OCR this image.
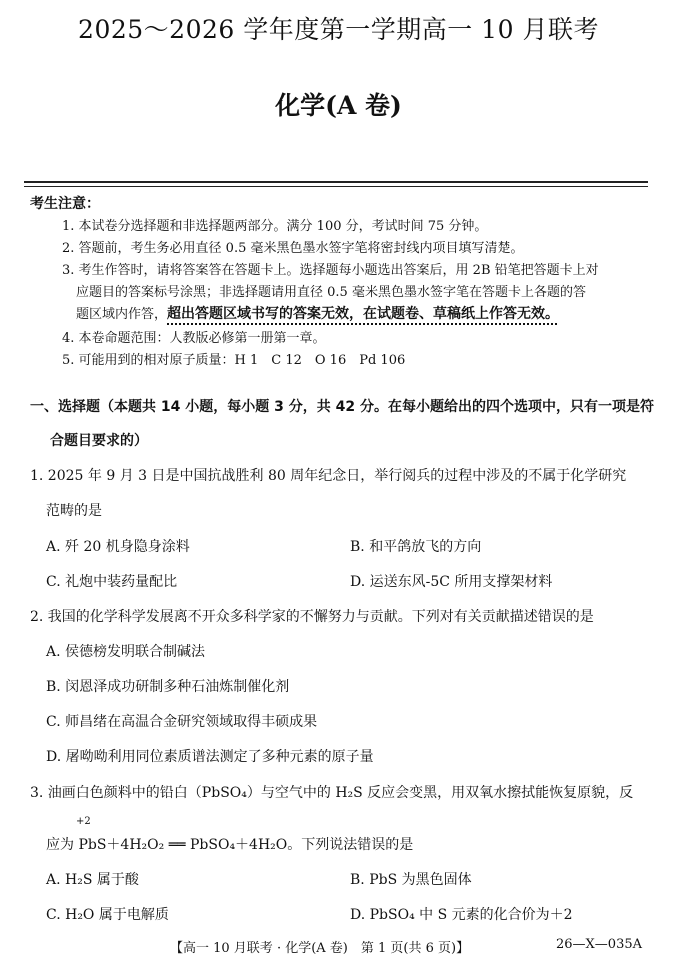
2025～2026 学年度第一学期高一 10 月联考
化学(A 卷)
考生注意：
1. 本试卷分选择题和非选择题两部分。满分 100 分，考试时间 75 分钟。
2. 答题前，考生务必用直径 0.5 毫米黑色墨水签字笔将密封线内项目填写清楚。
3. 考生作答时，请将答案答在答题卡上。选择题每小题选出答案后，用 2B 铅笔把答题卡上对
应题目的答案标号涂黑；非选择题请用直径 0.5 毫米黑色墨水签字笔在答题卡上各题的答
题区域内作答，超出答题区域书写的答案无效，在试题卷、草稿纸上作答无效。
4. 本卷命题范围：人教版必修第一册第一章。
5. 可能用到的相对原子质量：H 1　C 12　O 16　Pd 106
一、选择题（本题共 14 小题，每小题 3 分，共 42 分。在每小题给出的四个选项中，只有一项是符
合题目要求的）
1. 2025 年 9 月 3 日是中国抗战胜利 80 周年纪念日，举行阅兵的过程中涉及的不属于化学研究
范畴的是
A. 歼 20 机身隐身涂料	B. 和平鸽放飞的方向
C. 礼炮中装药量配比	D. 运送东风-5C 所用支撑架材料
2. 我国的化学科学发展离不开众多科学家的不懈努力与贡献。下列对有关贡献描述错误的是
A. 侯德榜发明联合制碱法
B. 闵恩泽成功研制多种石油炼制催化剂
C. 师昌绪在高温合金研究领域取得丰硕成果
D. 屠呦呦利用同位素质谱法测定了多种元素的原子量
3. 油画白色颜料中的铅白（PbSO₄）与空气中的 H₂S 反应会变黑，用双氧水擦拭能恢复原貌，反
+2
应为 PbS＋4H₂O₂ ══ PbSO₄＋4H₂O。下列说法错误的是
A. H₂S 属于酸	B. PbS 为黑色固体
C. H₂O 属于电解质	D. PbSO₄ 中 S 元素的化合价为＋2
【高一 10 月联考 · 化学(A 卷)　第 1 页(共 6 页)】	26—X—035A
